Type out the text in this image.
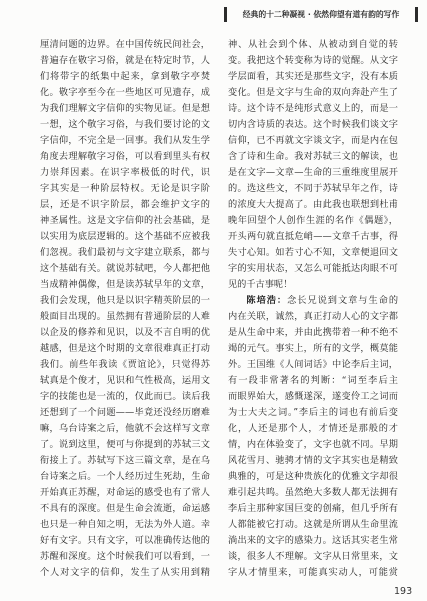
经典的十二种凝视 · 依然仰望有道有韵的写作
厘清问题的边界。在中国传统民间社会，
普遍存在敬字习俗，就是在特定时节，人
们将带字的纸集中起来，拿到敬字亭焚
化。敬字亭至今在一些地区可见遗存，成
为我们理解文字信仰的实物见证。但是想
一想，这个敬字习俗，与我们要讨论的文
字信仰，不完全是一回事。我们从发生学
角度去理解敬字习俗，可以看到里头有权
力崇拜因素。在识字率极低的时代，识
字其实是一种阶层特权。无论是识字阶
层，还是不识字阶层，都会维护文字的
神圣属性。这是文字信仰的社会基础，是
以实用为底层逻辑的。这个基础不应被我
们忽视。我们最初与文字建立联系，都与
这个基础有关。就说苏轼吧，今人都把他
当成精神偶像，但是读苏轼早年的文章，
我们会发现，他只是以识字精英阶层的一
般面目出现的。虽然拥有普通阶层的人难
以企及的修养和见识，以及不言自明的优
越感，但是这个时期的文章很难真正打动
我们。前些年我读《贾谊论》，只觉得苏
轼真是个俊才，见识和气性极高，运用文
字的技能也是一流的，仅此而已。读后我
还想到了一个问题——毕竟还没经历磨难
嘛，乌台诗案之后，他就不会这样写文章
了。说到这里，便可与你提到的苏轼三文
衔接上了。苏轼写下这三篇文章，是在乌
台诗案之后。一个人经历过生死劫，生命
开始真正苏醒，对命运的感受也有了常人
不具有的深度。但是生命会流逝，命运感
也只是一种自知之明，无法为外人道。幸
好有文字。只有文字，可以准确传达他的
苏醒和深度。这个时候我们可以看到，一
个人对文字的信仰，发生了从实用到精
神、从社会到个体、从被动到自觉的转
变。我把这个转变称为诗的觉醒。从文字
学层面看，其实还是那些文字，没有本质
变化。但是文字与生命的双向奔赴产生了
诗。这个诗不是纯形式意义上的，而是一
切内含诗质的表达。这个时候我们谈文字
信仰，已不再就文字谈文字，而是内在包
含了诗和生命。我对苏轼三文的解读，也
是在文字—文章—生命的三重维度里展开
的。选这些文，不同于苏轼早年之作，诗
的浓度大大提高了。由此我也联想到杜甫
晚年回望个人创作生涯的名作《偶题》，
开头两句就直抵危峭——文章千古事，得
失寸心知。如若寸心不知，文章便退回文
字的实用状态，又怎么可能抵达肉眼不可
见的千古事呢！
陈培浩：念长兄说到文章与生命的
内在关联，诚然，真正打动人心的文字都
是从生命中来，并由此携带着一种不绝不
竭的元气。事实上，所有的文学，概莫能
外。王国维《人间词话》中论李后主词，
有一段非常著名的判断：“词至李后主
而眼界始大，感慨遂深，遂变伶工之词而
为士大夫之词。”李后主的词也有前后变
化，人还是那个人，才情还是那般的才
情，内在体验变了，文字也就不同。早期
风花雪月、驰骋才情的文字其实也是精致
典雅的，可是这种贵族化的优雅文字却很
难引起共鸣。虽然绝大多数人都无法拥有
李后主那种家国巨变的创痛，但几乎所有
人都能被它打动。这就是所谓从生命里流
淌出来的文字的感染力。这话其实老生常
谈，很多人不理解。文字从日常里来，文
字从才情里来，可能真实动人，可能赏
193
